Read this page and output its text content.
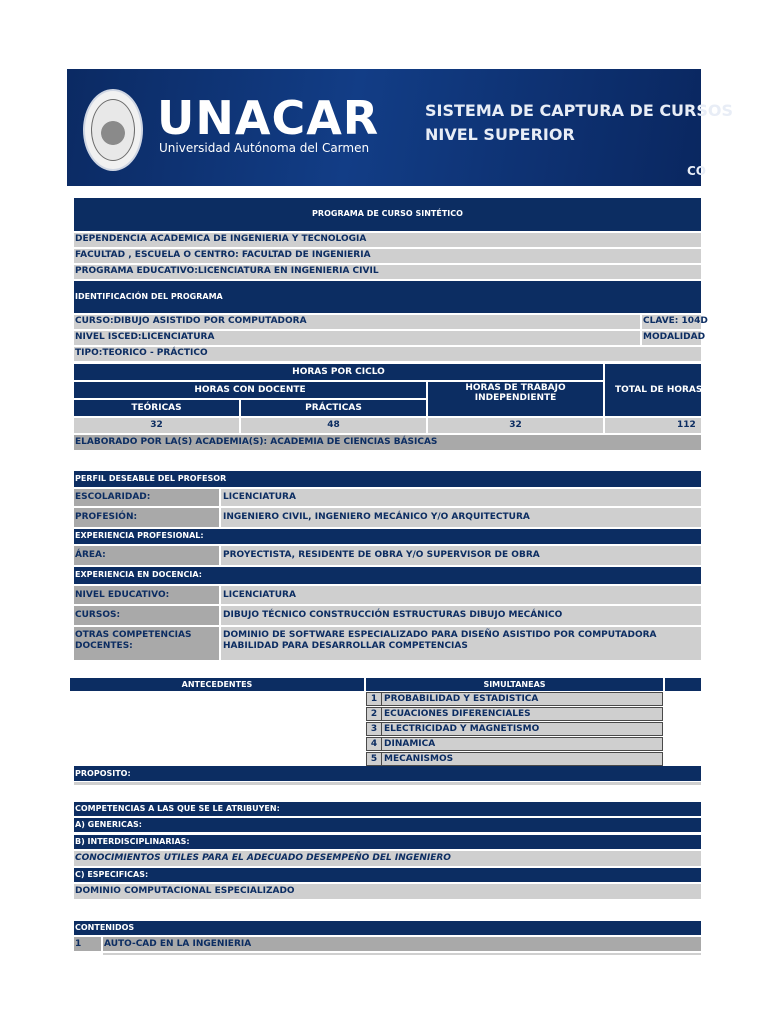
UNACAR
Universidad Autónoma del Carmen
SISTEMA DE CAPTURA DE CURSOS
NIVEL SUPERIOR
CO
PROGRAMA DE CURSO SINTÉTICO
DEPENDENCIA ACADEMICA DE INGENIERIA Y TECNOLOGIA
FACULTAD , ESCUELA O CENTRO: FACULTAD DE INGENIERIA
PROGRAMA EDUCATIVO:LICENCIATURA EN INGENIERIA CIVIL
IDENTIFICACIÓN DEL PROGRAMA
CURSO:DIBUJO ASISTIDO POR COMPUTADORA	CLAVE: 104D
NIVEL ISCED:LICENCIATURA	MODALIDAD
TIPO:TEORICO - PRÁCTICO
HORAS POR CICLO
HORAS CON DOCENTE	HORAS DE TRABAJO INDEPENDIENTE
TOTAL DE HORAS
TEÓRICAS	PRÁCTICAS
32	48	32	112
ELABORADO POR LA(S) ACADEMIA(S): ACADEMIA DE CIENCIAS BÁSICAS
PERFIL DESEABLE DEL PROFESOR
ESCOLARIDAD:	LICENCIATURA
PROFESIÓN:	INGENIERO CIVIL, INGENIERO MECÁNICO Y/O ARQUITECTURA
EXPERIENCIA PROFESIONAL:
ÁREA:	PROYECTISTA, RESIDENTE DE OBRA Y/O SUPERVISOR DE OBRA
EXPERIENCIA EN DOCENCIA:
NIVEL EDUCATIVO:	LICENCIATURA
CURSOS:	DIBUJO TÉCNICO CONSTRUCCIÓN ESTRUCTURAS DIBUJO MECÁNICO
OTRAS COMPETENCIAS DOCENTES:
DOMINIO DE SOFTWARE ESPECIALIZADO PARA DISEÑO ASISTIDO POR COMPUTADORA HABILIDAD PARA DESARROLLAR COMPETENCIAS
ANTECEDENTES	SIMULTANEAS
1 PROBABILIDAD Y ESTADISTICA
2 ECUACIONES DIFERENCIALES
3 ELECTRICIDAD Y MAGNETISMO
4 DINAMICA
5 MECANISMOS
PROPOSITO:
COMPETENCIAS A LAS QUE SE LE ATRIBUYEN:
A) GENERICAS:
B) INTERDISCIPLINARIAS:
CONOCIMIENTOS UTILES PARA EL ADECUADO DESEMPEÑO DEL INGENIERO
C) ESPECIFICAS:
DOMINIO COMPUTACIONAL ESPECIALIZADO
CONTENIDOS
1	AUTO-CAD EN LA INGENIERIA
